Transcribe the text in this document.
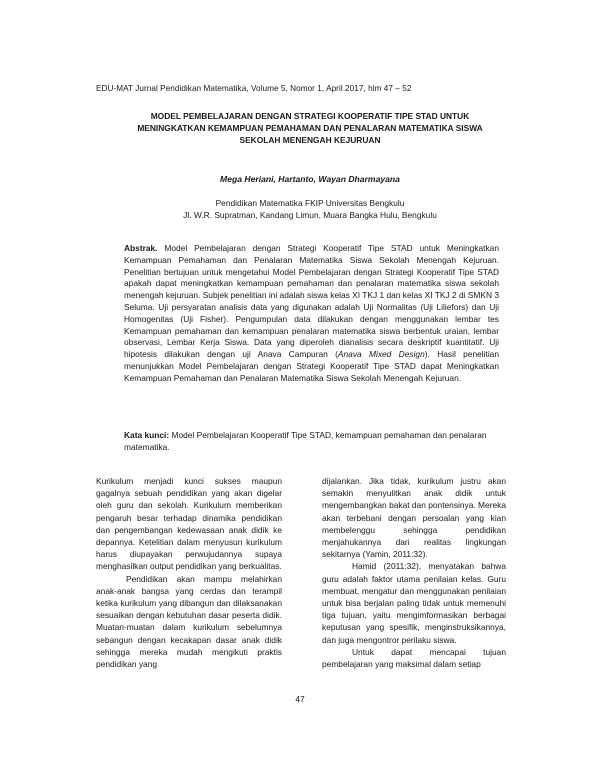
EDU-MAT Jurnal Pendidikan Matematika, Volume 5, Nomor 1, April 2017, hlm 47 – 52
MODEL PEMBELAJARAN DENGAN STRATEGI KOOPERATIF TIPE STAD UNTUK
MENINGKATKAN KEMAMPUAN PEMAHAMAN DAN PENALARAN MATEMATIKA SISWA
SEKOLAH MENENGAH KEJURUAN
Mega Heriani, Hartanto, Wayan Dharmayana
Pendidikan Matematika FKIP Universitas Bengkulu
Jl. W.R. Supratman, Kandang Limun, Muara Bangka Hulu, Bengkulu
Abstrak. Model Pembelajaran dengan Strategi Kooperatif Tipe STAD untuk Meningkatkan Kemampuan Pemahaman dan Penalaran Matematika Siswa Sekolah Menengah Kejuruan. Penelitian bertujuan untuk mengetahui Model Pembelajaran dengan Strategi Kooperatif Tipe STAD apakah dapat meningkatkan kemampuan pemahaman dan penalaran matematika siswa sekolah menengah kejuruan. Subjek penelitian ini adalah siswa kelas XI TKJ 1 dan kelas XI TKJ 2 di SMKN 3 Seluma. Uji persyaratan analisis data yang digunakan adalah Uji Normalitas (Uji Liliefors) dan Uji Homogenitas (Uji Fisher). Pengumpulan data dilakukan dengan menggunakan lembar tes Kemampuan pemahaman dan kemampuan penalaran matematika siswa berbentuk uraian, lembar observasi, Lembar Kerja Siswa. Data yang diperoleh dianalisis secara deskriptif kuantitatif. Uji hipotesis dilakukan dengan uji Anava Campuran (Anava Mixed Design). Hasil penelitian menunjukkan Model Pembelajaran dengan Strategi Kooperatif Tipe STAD dapat Meningkatkan Kemampuan Pemahaman dan Penalaran Matematika Siswa Sekolah Menengah Kejuruan.
Kata kunci: Model Pembelajaran Kooperatif Tipe STAD, kemampuan pemahaman dan penalaran matematika.

Kurikulum menjadi kunci sukses maupun gagalnya sebuah pendidikan yang akan digelar oleh guru dan sekolah. Kurikulum memberikan pengaruh besar terhadap dinamika pendidikan dan pengembangan kedewasaan anak didik ke depannya. Ketelitian dalam menyusun kurikulum harus diupayakan perwujudannya supaya menghasilkan output pendidikan yang berkualitas.

Pendidikan akan mampu melahirkan anak-anak bangsa yang cerdas dan terampil ketika kurikulum yang dibangun dan dilaksanakan sesuaikan dengan kebutuhan dasar peserta didik. Muatan-muatan dalam kurikulum sebelumnya sebangun dengan kecakapan dasar anak didik sehingga mereka mudah mengikuti praktis pendidikan yang

dijalankan. Jika tidak, kurikulum justru akan semakin menyulitkan anak didik untuk mengembangkan bakat dan pontensinya. Mereka akan terbebani dengan persoalan yang kian membelenggu sehingga pendidikan menjahukannya dari realitas lingkungan sekitarnya (Yamin, 2011:32).

Hamid (2011:32), menyatakan bahwa guru adalah faktor utama penilaian kelas. Guru membuat, mengatur dan menggunakan penilaian untuk bisa berjalan paling tidak untuk memenuhi tiga tujuan, yaitu mengimformasikan berbagai keputusan yang spesifik, menginstruksikannya, dan juga mengontror perilaku siswa.

Untuk dapat mencapai tujuan pembelajaran yang maksimal dalam setiap

47
